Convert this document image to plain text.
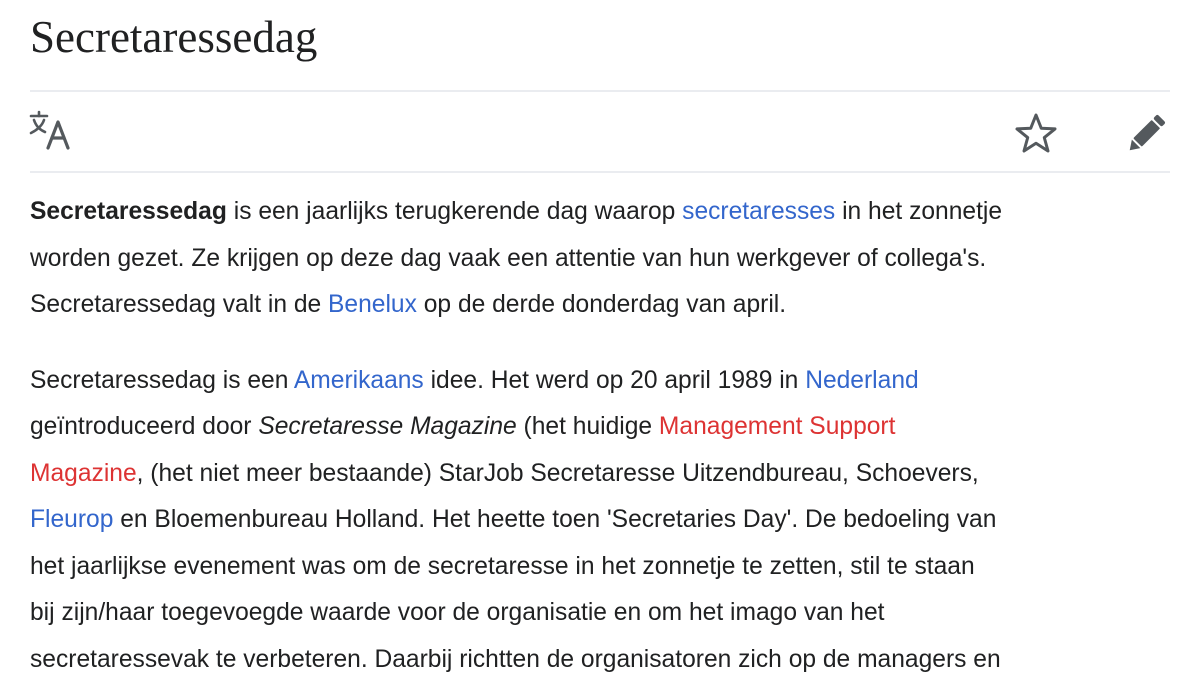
Secretaressedag

Secretaressedag is een jaarlijks terugkerende dag waarop secretaresses in het zonnetje
worden gezet. Ze krijgen op deze dag vaak een attentie van hun werkgever of collega's.
Secretaressedag valt in de Benelux op de derde donderdag van april.

Secretaressedag is een Amerikaans idee. Het werd op 20 april 1989 in Nederland
geïntroduceerd door Secretaresse Magazine (het huidige Management Support
Magazine, (het niet meer bestaande) StarJob Secretaresse Uitzendbureau, Schoevers,
Fleurop en Bloemenbureau Holland. Het heette toen 'Secretaries Day'. De bedoeling van
het jaarlijkse evenement was om de secretaresse in het zonnetje te zetten, stil te staan
bij zijn/haar toegevoegde waarde voor de organisatie en om het imago van het
secretaressevak te verbeteren. Daarbij richtten de organisatoren zich op de managers en
